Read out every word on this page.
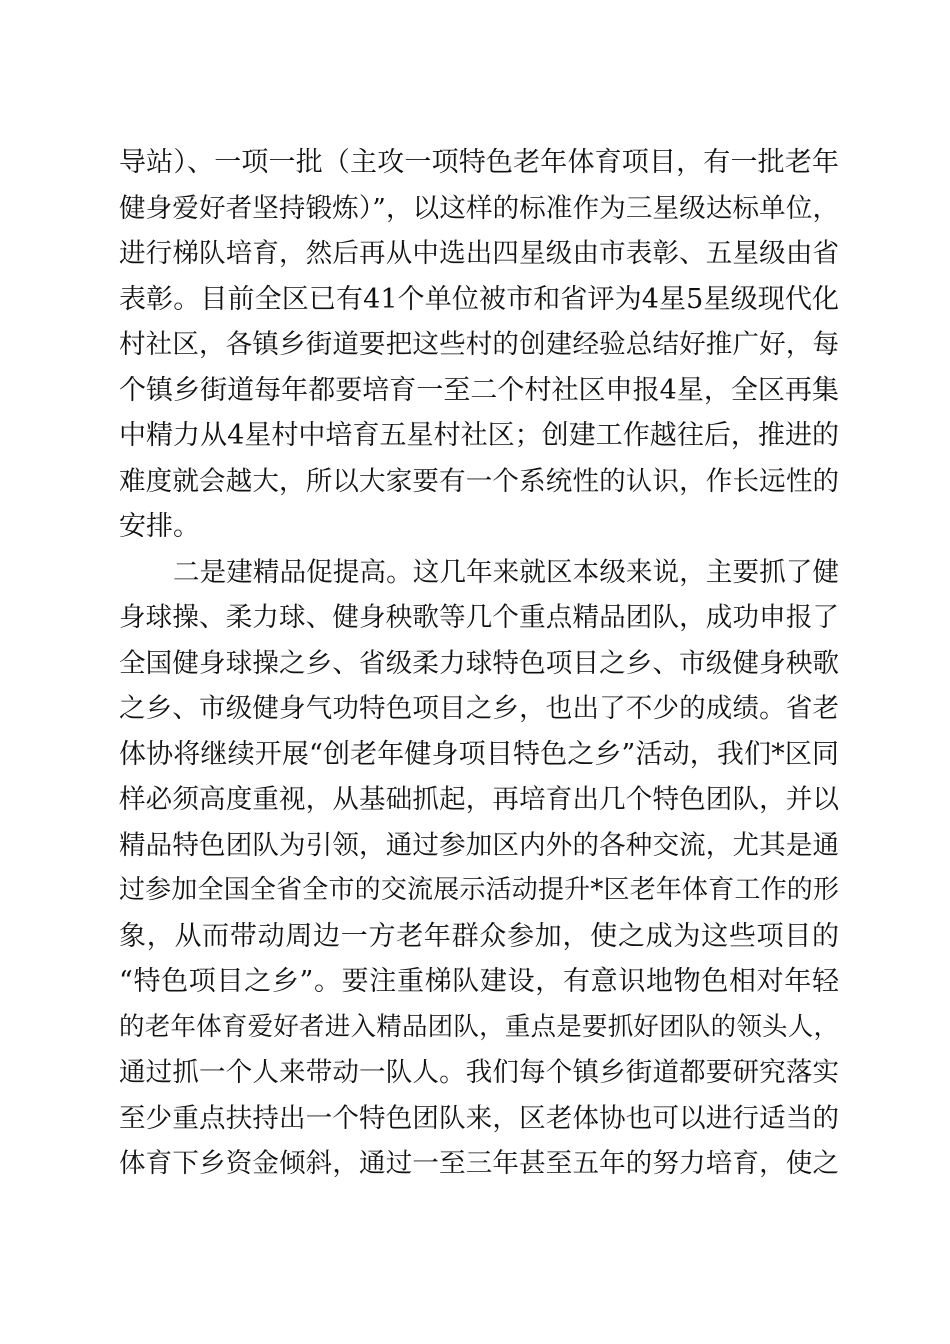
导站）、一项一批（主攻一项特色老年体育项目，有一批老年
健身爱好者坚持锻炼）”，以这样的标准作为三星级达标单位，
进行梯队培育，然后再从中选出四星级由市表彰、五星级由省
表彰。目前全区已有41个单位被市和省评为4星5星级现代化
村社区，各镇乡街道要把这些村的创建经验总结好推广好，每
个镇乡街道每年都要培育一至二个村社区申报4星，全区再集
中精力从4星村中培育五星村社区；创建工作越往后，推进的
难度就会越大，所以大家要有一个系统性的认识，作长远性的
安排。
二是建精品促提高。这几年来就区本级来说，主要抓了健
身球操、柔力球、健身秧歌等几个重点精品团队，成功申报了
全国健身球操之乡、省级柔力球特色项目之乡、市级健身秧歌
之乡、市级健身气功特色项目之乡，也出了不少的成绩。省老
体协将继续开展“创老年健身项目特色之乡”活动，我们*区同
样必须高度重视，从基础抓起，再培育出几个特色团队，并以
精品特色团队为引领，通过参加区内外的各种交流，尤其是通
过参加全国全省全市的交流展示活动提升*区老年体育工作的形
象，从而带动周边一方老年群众参加，使之成为这些项目的
“特色项目之乡”。要注重梯队建设，有意识地物色相对年轻
的老年体育爱好者进入精品团队，重点是要抓好团队的领头人，
通过抓一个人来带动一队人。我们每个镇乡街道都要研究落实
至少重点扶持出一个特色团队来，区老体协也可以进行适当的
体育下乡资金倾斜，通过一至三年甚至五年的努力培育，使之
